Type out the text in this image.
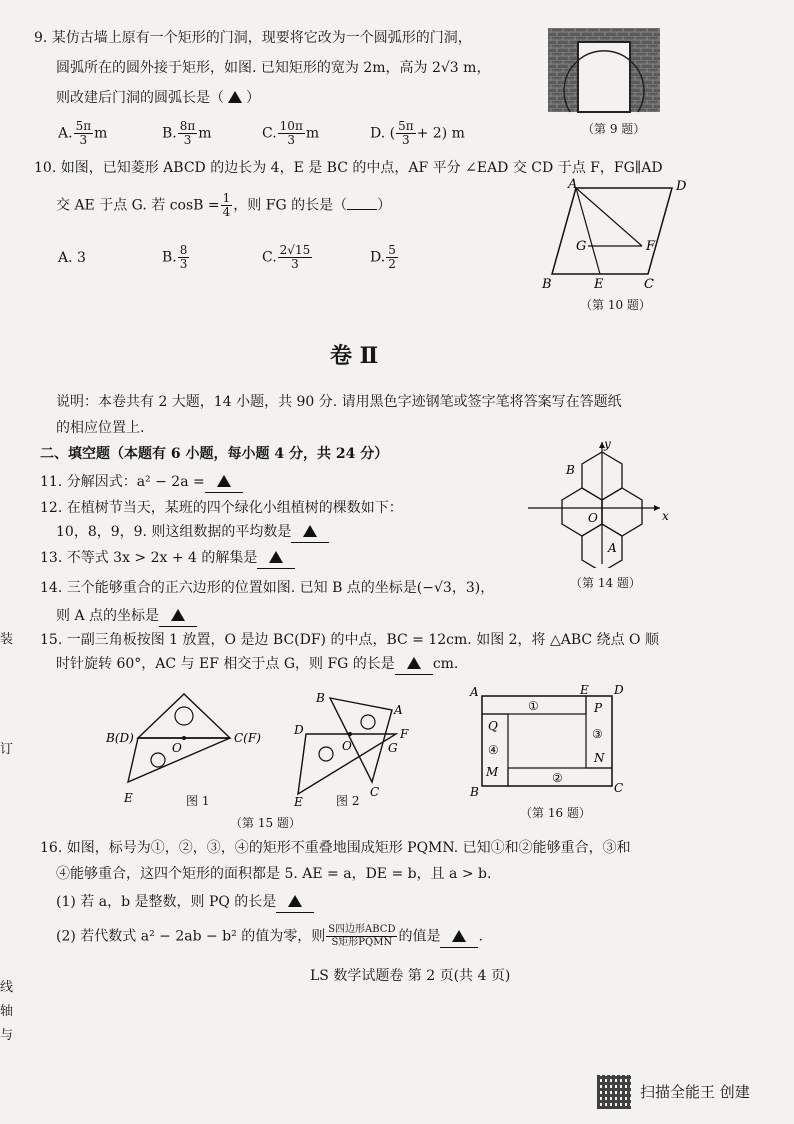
9. 某仿古墙上原有一个矩形的门洞，现要将它改为一个圆弧形的门洞，
圆弧所在的圆外接于矩形，如图. 已知矩形的宽为 2m，高为 2√3 m，
则改建后门洞的圆弧长是（ ）
A. $\frac{5\pi}{3}$ m	B. $\frac{8\pi}{3}$ m	C. $\frac{10\pi}{3}$ m	D. ( $\frac{5\pi}{3} + 2$) m	（第 9 题）
10. 如图，已知菱形 ABCD 的边长为 4，E 是 BC 的中点，AF 平分 ∠EAD 交 CD 于点 F，FG∥AD
交 AE 于点 G. 若 $\cos B = \frac{1}{4}$ ，则 FG 的长是（ ）
A. 3	B. $\frac{8}{3}$	C. $\frac{2√15}{3}$	D. $\frac{5}{2}$
A	D
G	F
B	E	C
（第 10 题）
卷 Ⅱ
说明：本卷共有 2 大题，14 小题，共 90 分. 请用黑色字迹钢笔或签字笔将答案写在答题纸
的相应位置上.
二、填空题（本题有 6 小题，每小题 4 分，共 24 分）
11. 分解因式：a² − 2a =
12. 在植树节当天，某班的四个绿化小组植树的棵数如下：
10，8，9，9. 则这组数据的平均数是
13. 不等式 3x > 2x + 4 的解集是
14. 三个能够重合的正六边形的位置如图. 已知 B 点的坐标是(−√3，3)，
则 A 点的坐标是
y
x
B
O
A
（第 14 题）
15. 一副三角板按图 1 放置，O 是边 BC(DF) 的中点，BC = 12cm. 如图 2，将 △ABC 绕点 O 顺
时针旋转 60°，AC 与 EF 相交于点 G，则 FG 的长是	cm.
B(D)	C(F)
O
E	图 1
B
A
D
O
F
G
E
C
图 2
（第 15 题）
A	E D
P
Q
N
M
B	C
①
②
③
④
（第 16 题）
16. 如图，标号为①，②，③，④的矩形不重叠地围成矩形 PQMN. 已知①和②能够重合，③和
④能够重合，这四个矩形的面积都是 5. AE = a，DE = b，且 a > b.
(1) 若 a，b 是整数，则 PQ 的长是
(2) 若代数式 a² − 2ab − b² 的值为零，则 $\frac{\text{S四边形ABCD}}{\text{S矩形PQMN}}$ 的值是	.
LS 数学试题卷 第 2 页(共 4 页)
装
订
线
轴
与
扫描全能王 创建
